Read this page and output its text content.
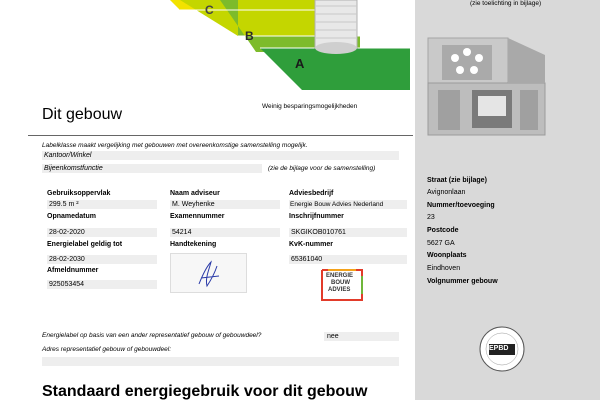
C
B
A
Weinig besparingsmogelijkheden
(zie toelichting in bijlage)
Dit gebouw
Labelklasse maakt vergelijking met gebouwen met overeenkomstige samenstelling mogelijk.
Kantoor/Winkel
Bijeenkomstfunctie	(zie de bijlage voor de samenstelling)
Gebruiksoppervlak
299.5 m ²
Opnamedatum
28-02-2020
Energielabel geldig tot
28-02-2030
Afmeldnummer
925053454
Naam adviseur
M. Weyhenke
Examennummer
54214
Handtekening
Adviesbedrijf
Energie Bouw Advies Nederland
Inschrijfnummer
SKGIKOB010761
KvK-nummer
65361040
ENERGIE
BOUW
ADVIES
Straat (zie bijlage)
Avignonlaan
Nummer/toevoeging
23
Postcode
5627 GA
Woonplaats
Eindhoven
Volgnummer gebouw
Energielabel op basis van een ander representatief gebouw of gebouwdeel?	nee
Adres representatief gebouw of gebouwdeel:	EPBD
Standaard energiegebruik voor dit gebouw
